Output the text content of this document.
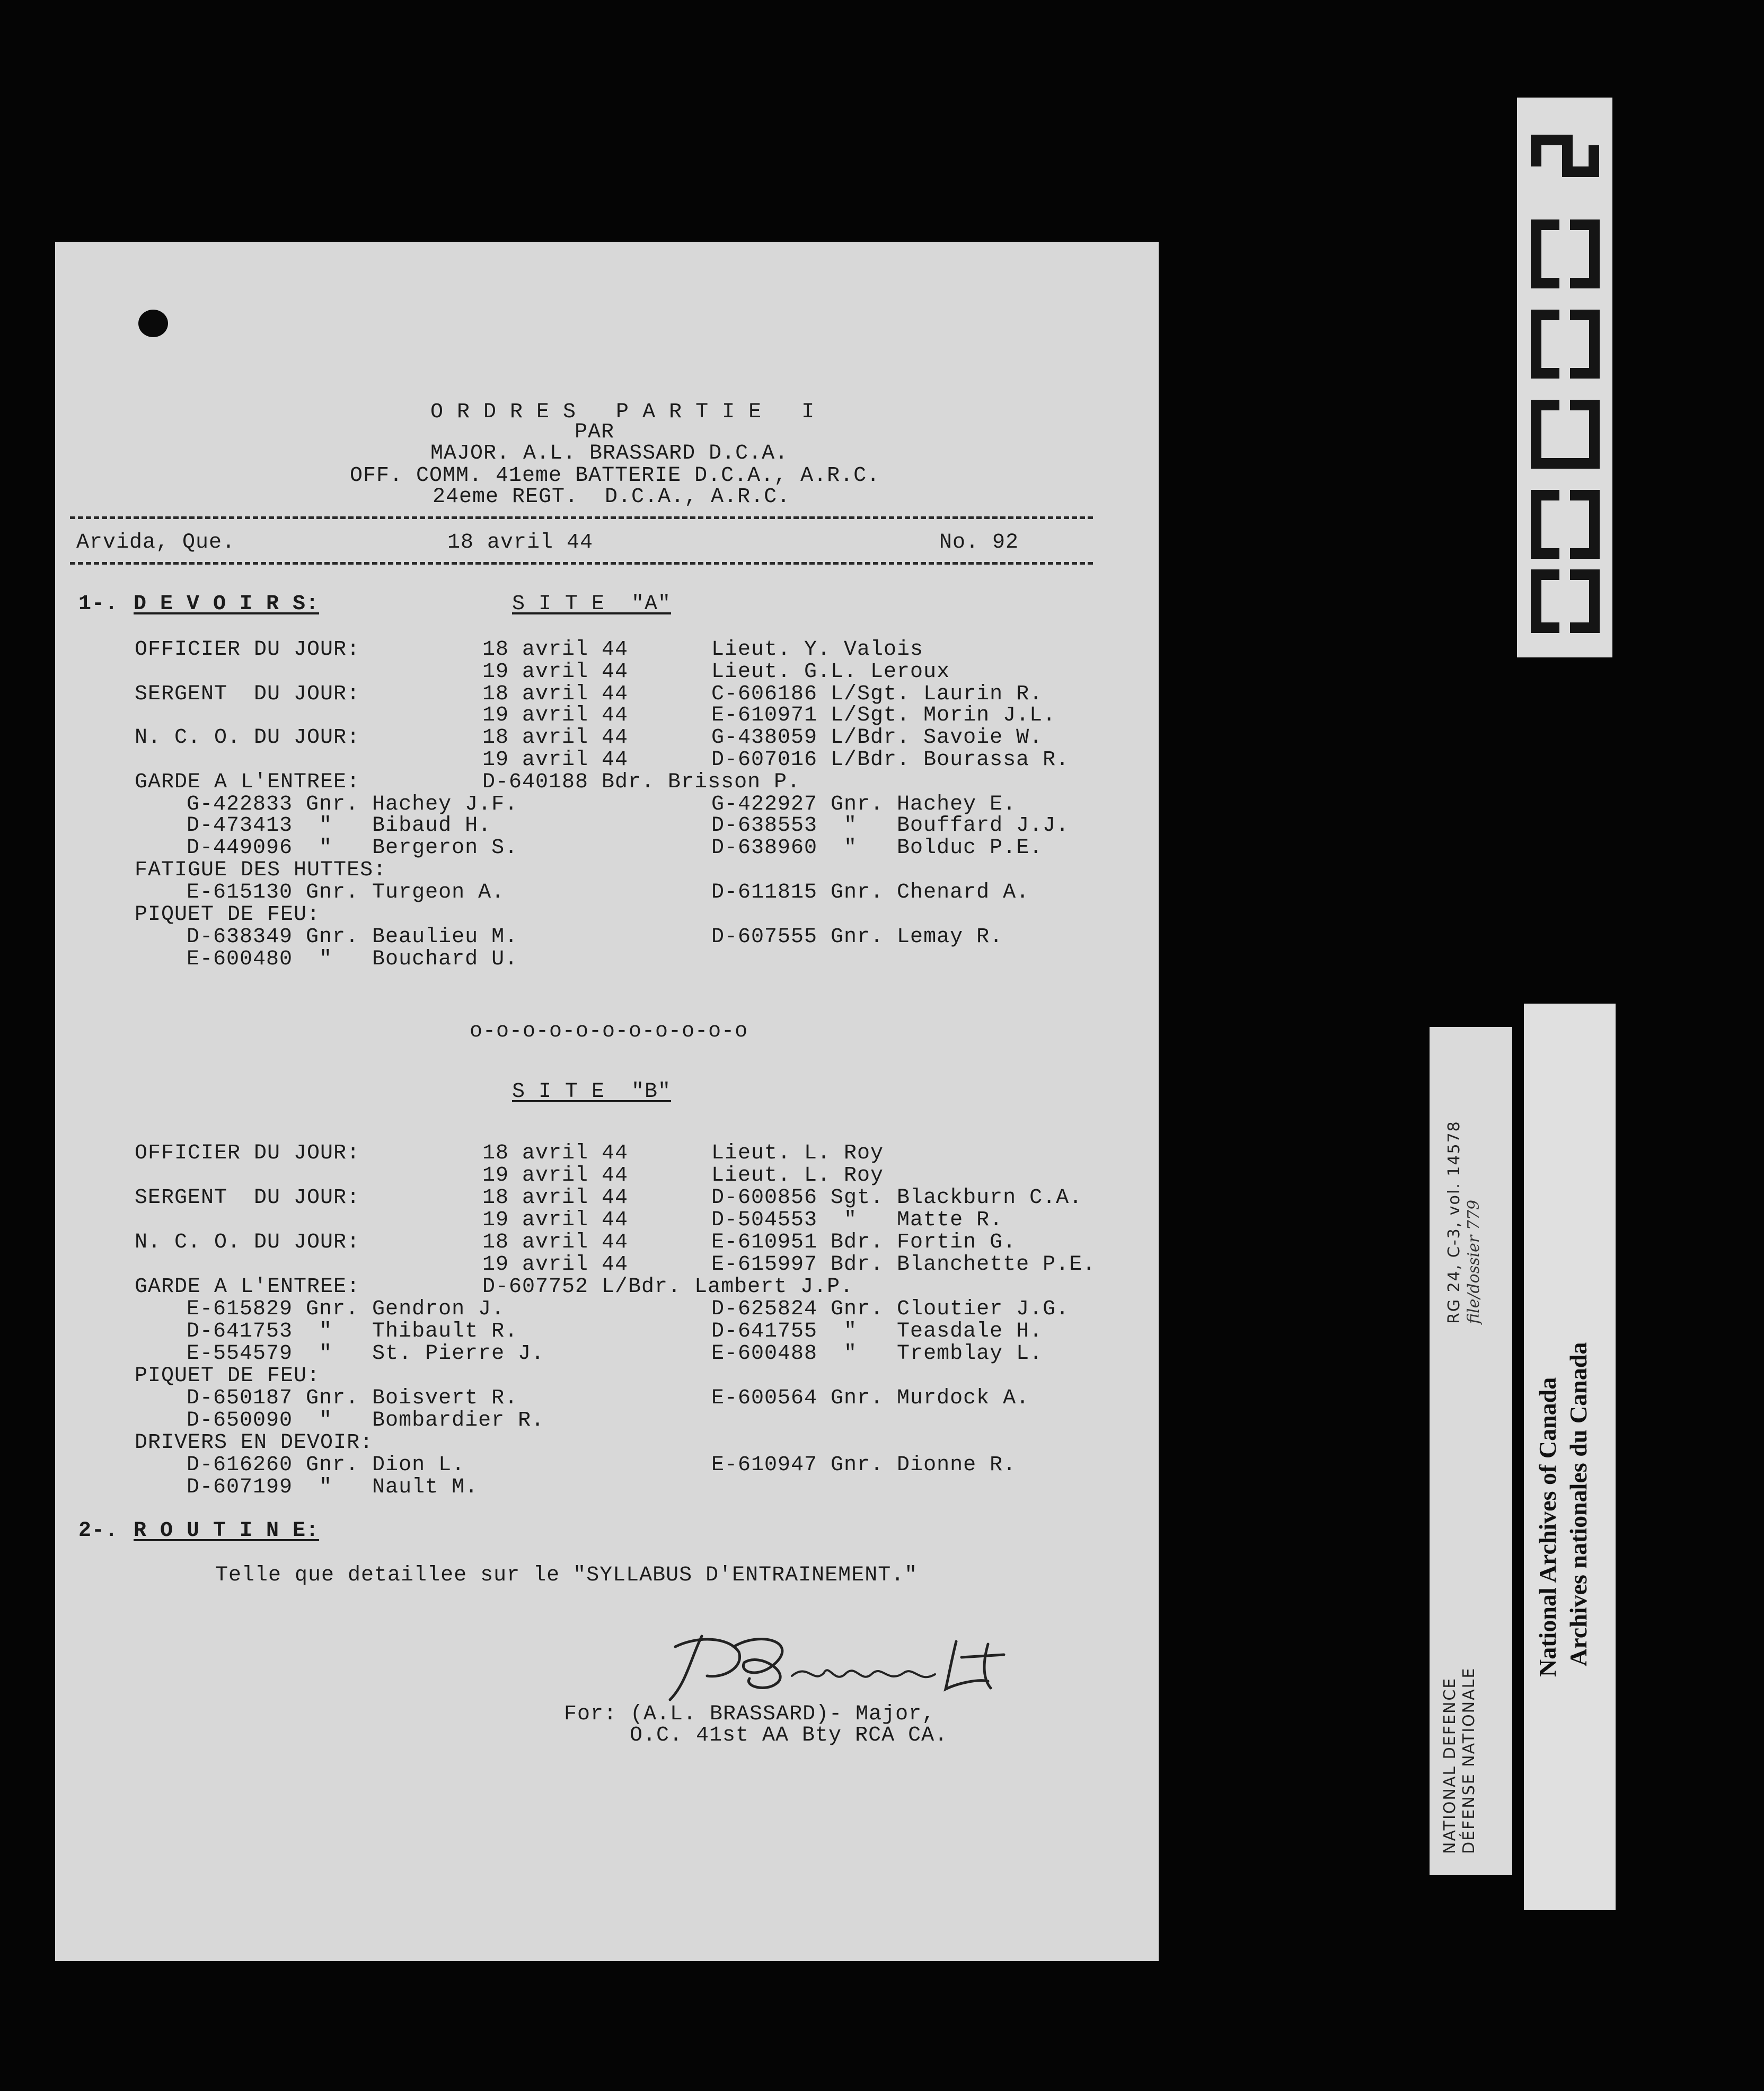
O R D R E S   P A R T I E   I
PAR
MAJOR. A.L. BRASSARD D.C.A.
OFF. COMM. 41eme BATTERIE D.C.A., A.R.C.
24eme REGT.  D.C.A., A.R.C.
Arvida, Que.	18 avril 44	No. 92
1-. D E V O I R S:	S I T E  "A"
OFFICIER DU JOUR:	18 avril 44	Lieut. Y. Valois
19 avril 44	Lieut. G.L. Leroux
SERGENT  DU JOUR:	18 avril 44	C-606186 L/Sgt. Laurin R.
19 avril 44	E-610971 L/Sgt. Morin J.L.
N. C. O. DU JOUR:	18 avril 44	G-438059 L/Bdr. Savoie W.
19 avril 44	D-607016 L/Bdr. Bourassa R.
GARDE A L'ENTREE:	D-640188 Bdr. Brisson P.
G-422833 Gnr. Hachey J.F.	G-422927 Gnr. Hachey E.
D-473413  "   Bibaud H.	D-638553  "   Bouffard J.J.
D-449096  "   Bergeron S.	D-638960  "   Bolduc P.E.
FATIGUE DES HUTTES:
E-615130 Gnr. Turgeon A.	D-611815 Gnr. Chenard A.
PIQUET DE FEU:
D-638349 Gnr. Beaulieu M.	D-607555 Gnr. Lemay R.
E-600480  "   Bouchard U.
o-o-o-o-o-o-o-o-o-o-o
S I T E  "B"
OFFICIER DU JOUR:	18 avril 44	Lieut. L. Roy
19 avril 44	Lieut. L. Roy
SERGENT  DU JOUR:	18 avril 44	D-600856 Sgt. Blackburn C.A.
19 avril 44	D-504553  "   Matte R.
N. C. O. DU JOUR:	18 avril 44	E-610951 Bdr. Fortin G.
19 avril 44	E-615997 Bdr. Blanchette P.E.
GARDE A L'ENTREE:	D-607752 L/Bdr. Lambert J.P.
E-615829 Gnr. Gendron J.	D-625824 Gnr. Cloutier J.G.
D-641753  "   Thibault R.	D-641755  "   Teasdale H.
E-554579  "   St. Pierre J.	E-600488  "   Tremblay L.
PIQUET DE FEU:
D-650187 Gnr. Boisvert R.	E-600564 Gnr. Murdock A.
D-650090  "   Bombardier R.
DRIVERS EN DEVOIR:
D-616260 Gnr. Dion L.	E-610947 Gnr. Dionne R.
D-607199  "   Nault M.
2-. R O U T I N E:
Telle que detaillee sur le "SYLLABUS D'ENTRAINEMENT."
J.P. Bellavance Lt.
For: (A.L. BRASSARD)- Major,
O.C. 41st AA Bty RCA CA.	NATIONAL DEFENCE DÉFENSE NATIONALE
RG 24, C-3, vol. 14578 file/dossier 779
National Archives of Canada Archives nationales du Canada
